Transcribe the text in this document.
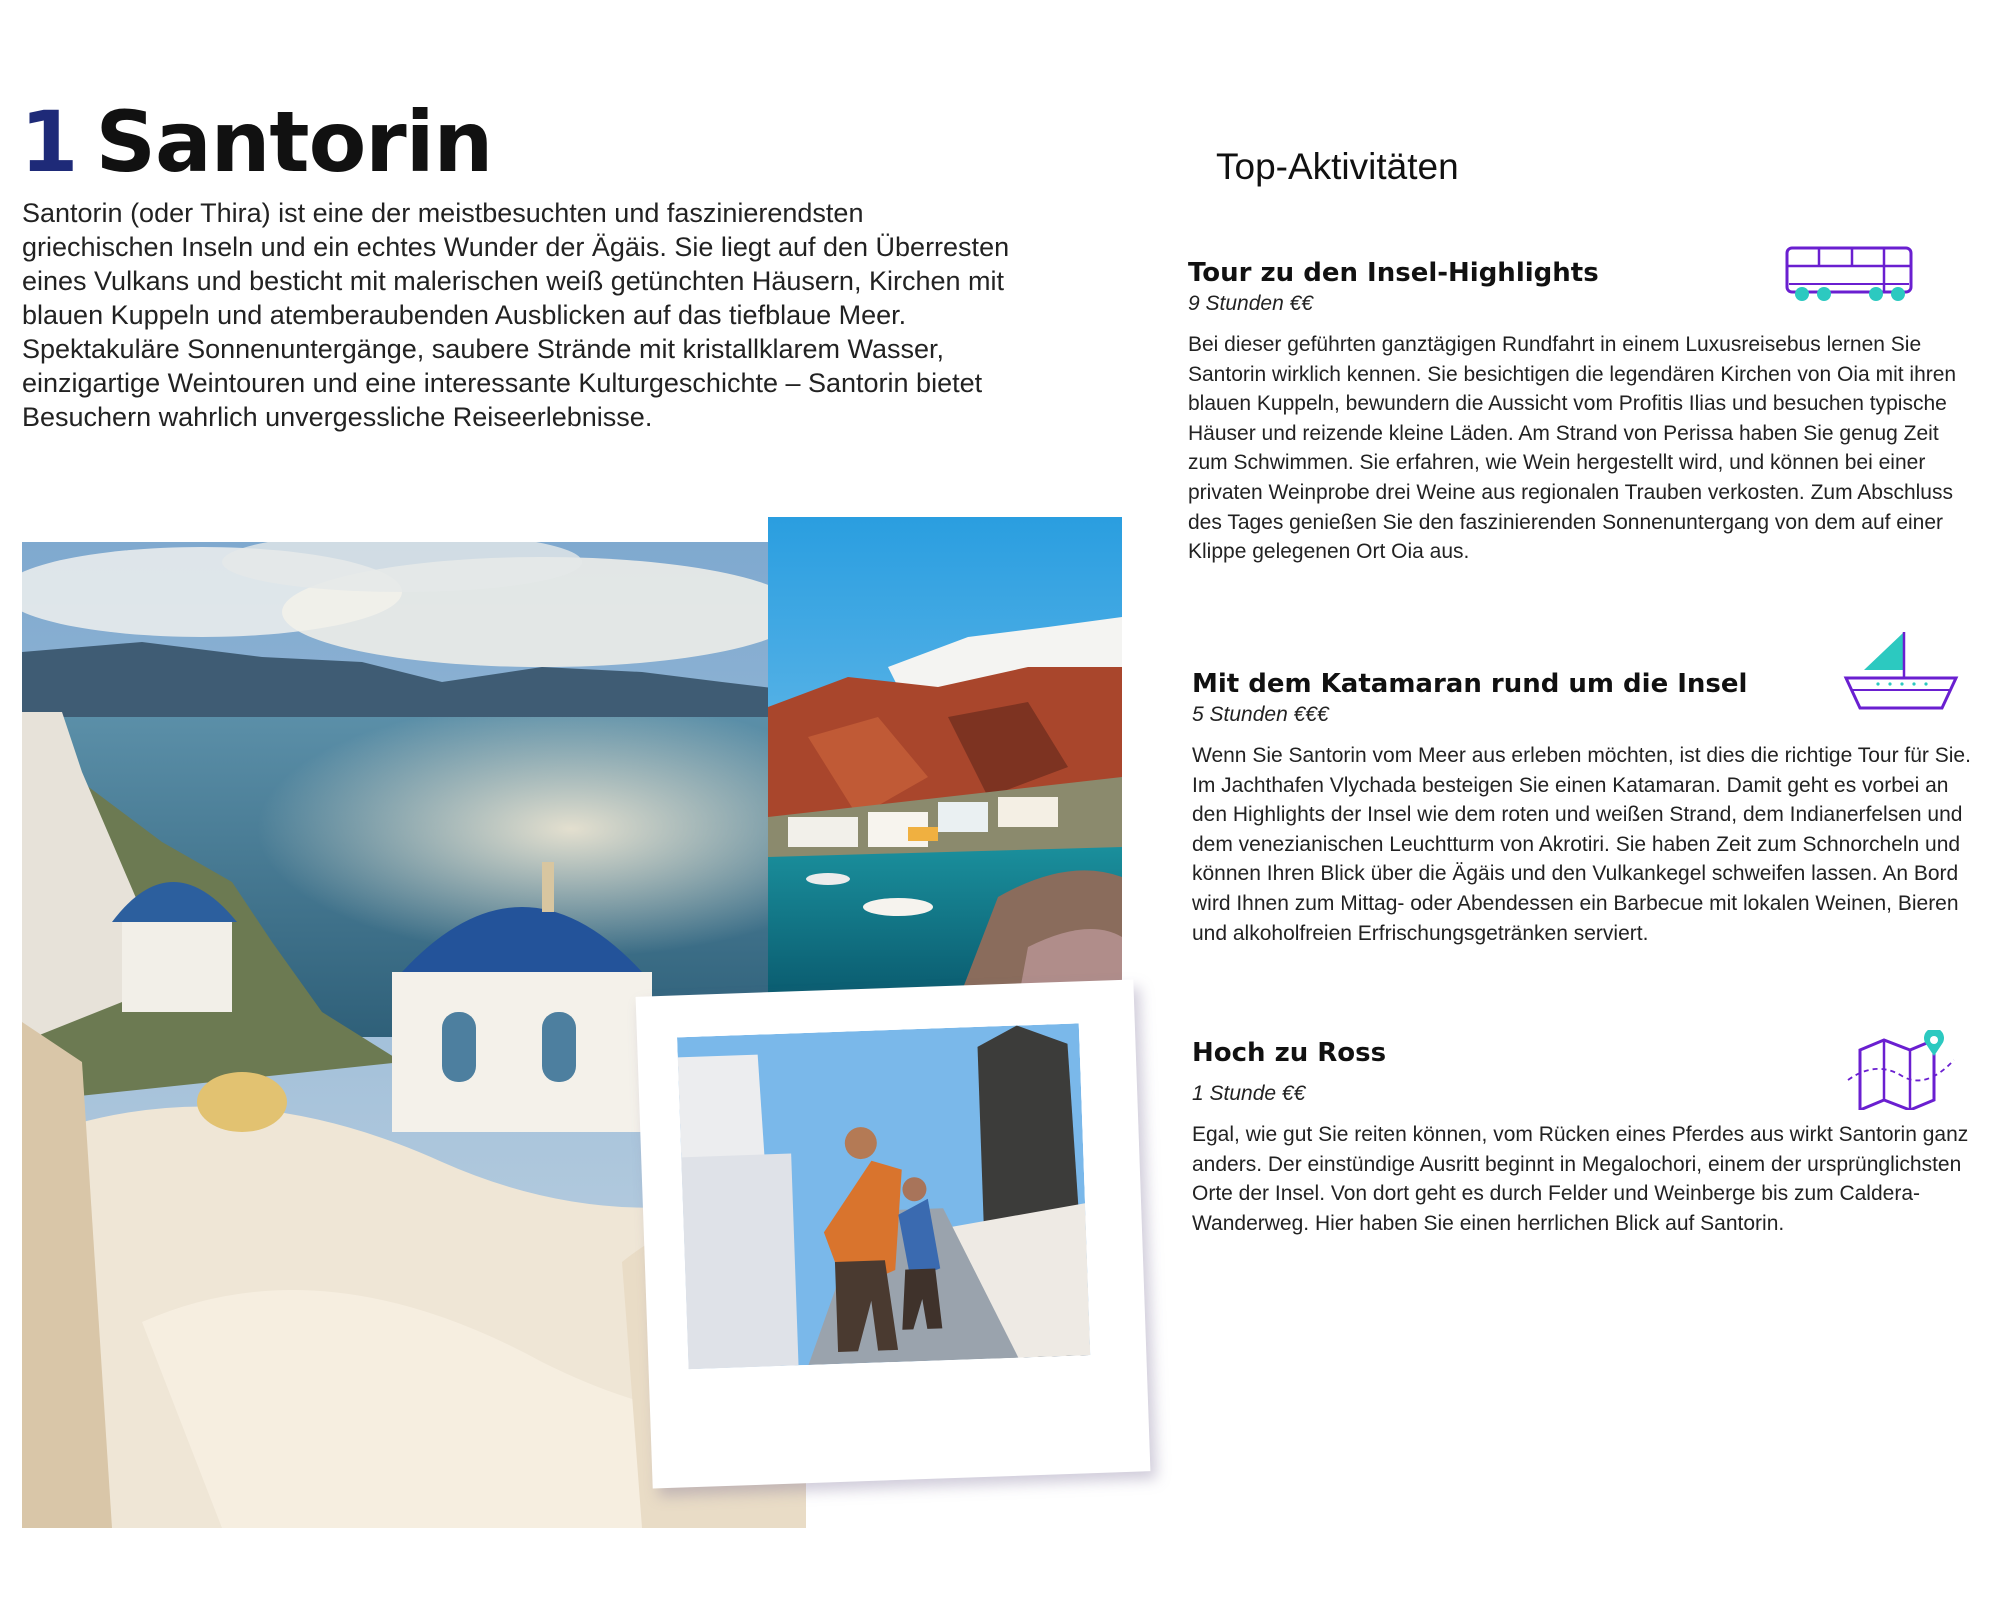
1 Santorin

Santorin (oder Thira) ist eine der meistbesuchten und faszinierendsten griechischen Inseln und ein echtes Wunder der Ägäis. Sie liegt auf den Überresten eines Vulkans und besticht mit malerischen weiß getünchten Häusern, Kirchen mit blauen Kuppeln und atemberaubenden Ausblicken auf das tiefblaue Meer. Spektakuläre Sonnenuntergänge, saubere Strände mit kristallklarem Wasser, einzigartige Weintouren und eine interessante Kulturgeschichte – Santorin bietet Besuchern wahrlich unvergessliche Reiseerlebnisse.

Top-Aktivitäten
Tour zu den Insel-Highlights

9 Stunden €€

Bei dieser geführten ganztägigen Rundfahrt in einem Luxusreisebus lernen Sie Santorin wirklich kennen. Sie besichtigen die legendären Kirchen von Oia mit ihren blauen Kuppeln, bewundern die Aussicht vom Profitis Ilias und besuchen typische Häuser und reizende kleine Läden. Am Strand von Perissa haben Sie genug Zeit zum Schwimmen. Sie erfahren, wie Wein hergestellt wird, und können bei einer privaten Weinprobe drei Weine aus regionalen Trauben verkosten. Zum Abschluss des Tages genießen Sie den faszinierenden Sonnenuntergang von dem auf einer Klippe gelegenen Ort Oia aus.

Mit dem Katamaran rund um die Insel

5 Stunden €€€

Wenn Sie Santorin vom Meer aus erleben möchten, ist dies die richtige Tour für Sie. Im Jachthafen Vlychada besteigen Sie einen Katamaran. Damit geht es vorbei an den Highlights der Insel wie dem roten und weißen Strand, dem Indianerfelsen und dem venezianischen Leuchtturm von Akrotiri. Sie haben Zeit zum Schnorcheln und können Ihren Blick über die Ägäis und den Vulkankegel schweifen lassen. An Bord wird Ihnen zum Mittag- oder Abendessen ein Barbecue mit lokalen Weinen, Bieren und alkoholfreien Erfrischungsgetränken serviert.

Hoch zu Ross

1 Stunde €€

Egal, wie gut Sie reiten können, vom Rücken eines Pferdes aus wirkt Santorin ganz anders. Der einstündige Ausritt beginnt in Megalochori, einem der ursprünglichsten Orte der Insel. Von dort geht es durch Felder und Weinberge bis zum Caldera-Wanderweg. Hier haben Sie einen herrlichen Blick auf Santorin.
